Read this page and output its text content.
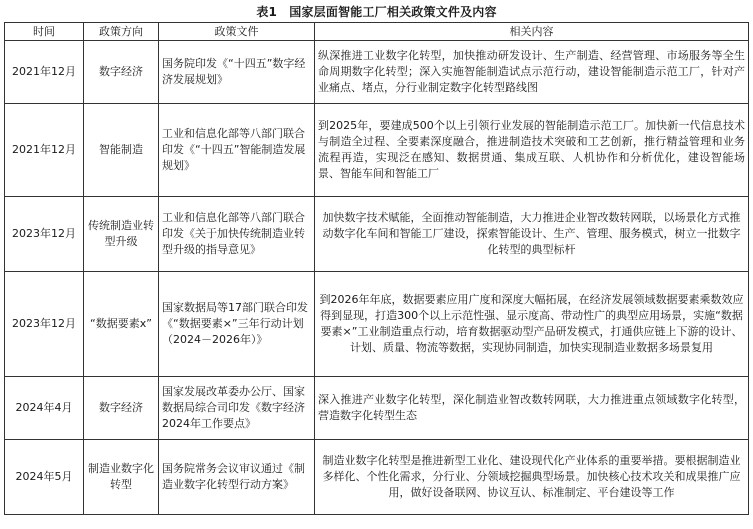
表1　国家层面智能工厂相关政策文件及内容
时间	政策方向	政策文件	相关内容
2021年12月	数字经济	国务院印发《“十四五”数字经济发展规划》	纵深推进工业数字化转型，加快推动研发设计、生产制造、经营管理、市场服务等全生命周期数字化转型；深入实施智能制造试点示范行动，建设智能制造示范工厂，针对产业痛点、堵点，分行业制定数字化转型路线图
2021年12月	智能制造	工业和信息化部等八部门联合印发《“十四五”智能制造发展规划》	到2025年，要建成500个以上引领行业发展的智能制造示范工厂。加快新一代信息技术与制造全过程、全要素深度融合，推进制造技术突破和工艺创新，推行精益管理和业务流程再造，实现泛在感知、数据贯通、集成互联、人机协作和分析优化，建设智能场景、智能车间和智能工厂
2023年12月	传统制造业转型升级	工业和信息化部等八部门联合印发《关于加快传统制造业转型升级的指导意见》	加快数字技术赋能，全面推动智能制造，大力推进企业智改数转网联，以场景化方式推动数字化车间和智能工厂建设，探索智能设计、生产、管理、服务模式，树立一批数字化转型的典型标杆
2023年12月	“数据要素x”	国家数据局等17部门联合印发《“数据要素×”三年行动计划（2024－2026年）》	到2026年年底，数据要素应用广度和深度大幅拓展，在经济发展领域数据要素乘数效应得到显现，打造300个以上示范性强、显示度高、带动性广的典型应用场景，实施“数据要素×”工业制造重点行动，培育数据驱动型产品研发模式，打通供应链上下游的设计、计划、质量、物流等数据，实现协同制造，加快实现制造业数据多场景复用
2024年4月	数字经济	国家发展改革委办公厅、国家数据局综合司印发《数字经济2024年工作要点》	深入推进产业数字化转型，深化制造业智改数转网联，大力推进重点领域数字化转型，营造数字化转型生态
2024年5月	制造业数字化转型	国务院常务会议审议通过《制造业数字化转型行动方案》	制造业数字化转型是推进新型工业化、建设现代化产业体系的重要举措。要根据制造业多样化、个性化需求，分行业、分领域挖掘典型场景。加快核心技术攻关和成果推广应用，做好设备联网、协议互认、标准制定、平台建设等工作
